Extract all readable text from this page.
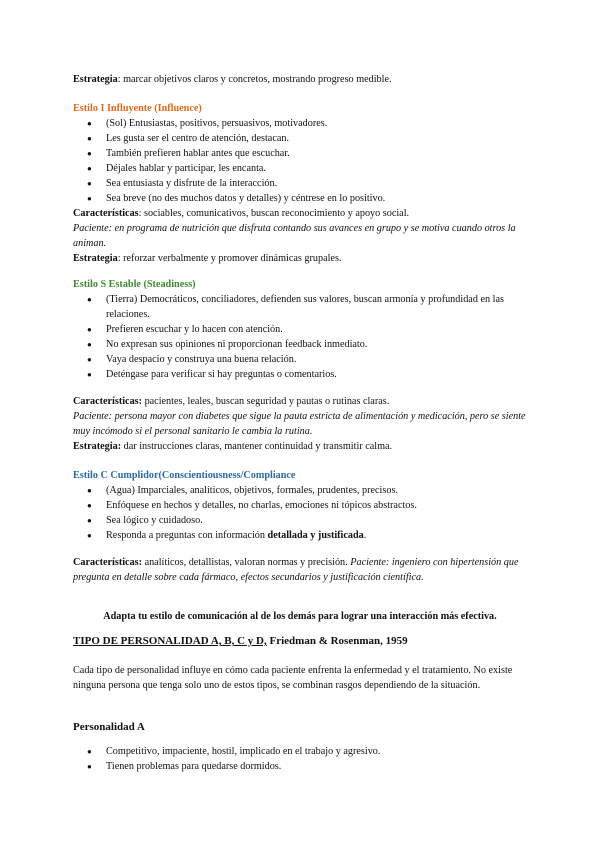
Estrategia: marcar objetivos claros y concretos, mostrando progreso medible.
Estilo I Influyente (Influence)
● (Sol) Entusiastas, positivos, persuasivos, motivadores.
● Les gusta ser el centro de atención, destacan.
● También prefieren hablar antes que escuchar.
● Déjales hablar y participar, les encanta.
● Sea entusiasta y disfrute de la interacción.
● Sea breve (no des muchos datos y detalles) y céntrese en lo positivo.
Características: sociables, comunicativos, buscan reconocimiento y apoyo social.
Paciente: en programa de nutrición que disfruta contando sus avances en grupo y se motiva cuando otros la animan.
Estrategia: reforzar verbalmente y promover dinámicas grupales.
Estilo S Estable (Steadiness)
● (Tierra) Democráticos, conciliadores, defienden sus valores, buscan armonía y profundidad en las relaciones.
● Prefieren escuchar y lo hacen con atención.
● No expresan sus opiniones ni proporcionan feedback inmediato.
● Vaya despacio y construya una buena relación.
● Deténgase para verificar si hay preguntas o comentarios.
Características: pacientes, leales, buscan seguridad y pautas o rutinas claras.
Paciente: persona mayor con diabetes que sigue la pauta estricta de alimentación y medicación, pero se siente muy incómodo si el personal sanitario le cambia la rutina.
Estrategia: dar instrucciones claras, mantener continuidad y transmitir calma.
Estilo C Cumplidor(Conscientiousness/Compliance
● (Agua) Imparciales, analíticos, objetivos, formales, prudentes, precisos.
● Enfóquese en hechos y detalles, no charlas, emociones ni tópicos abstractos.
● Sea lógico y cuidadoso.
● Responda a preguntas con información detallada y justificada.
Características: analíticos, detallistas, valoran normas y precisión. Paciente: ingeniero con hipertensión que pregunta en detalle sobre cada fármaco, efectos secundarios y justificación científica.
Adapta tu estilo de comunicación al de los demás para lograr una interacción más efectiva.
TIPO DE PERSONALIDAD A, B, C y D, Friedman & Rosenman, 1959
Cada tipo de personalidad influye en cómo cada paciente enfrenta la enfermedad y el tratamiento. No existe ninguna persona que tenga solo uno de estos tipos, se combinan rasgos dependiendo de la situación.
Personalidad A
● Competitivo, impaciente, hostil, implicado en el trabajo y agresivo.
● Tienen problemas para quedarse dormidos.
